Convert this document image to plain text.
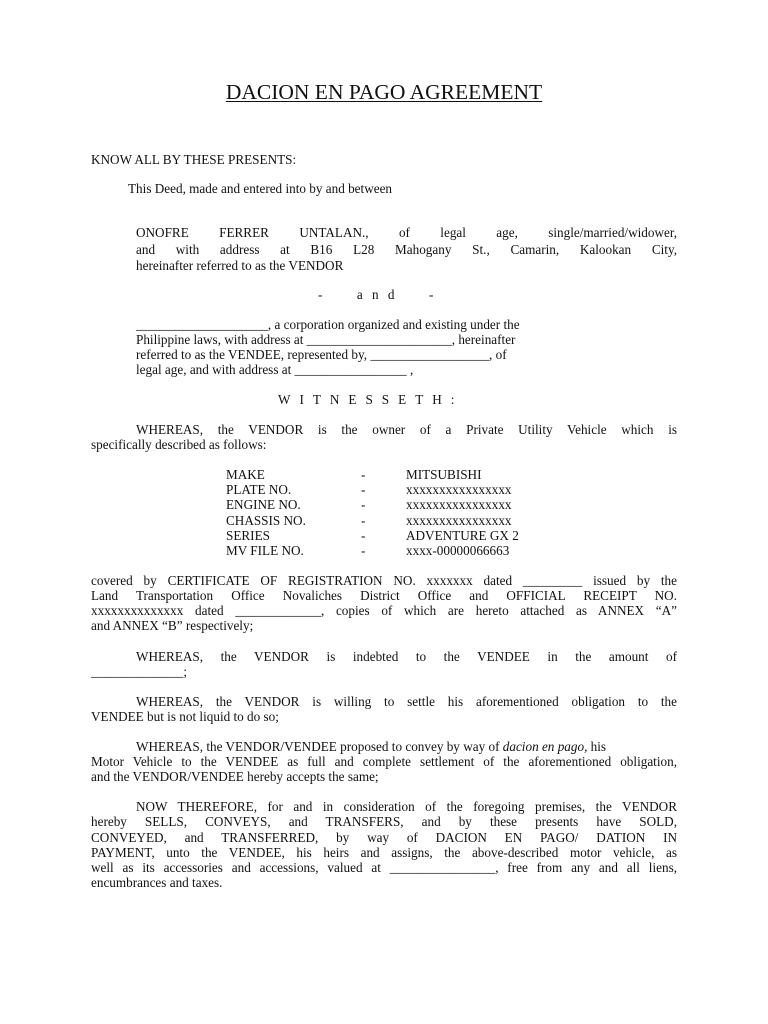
DACION EN PAGO AGREEMENT
KNOW ALL BY THESE PRESENTS:
This Deed, made and entered into by and between
ONOFRE FERRER UNTALAN., of legal age, single/married/widower,
and with address at B16 L28 Mahogany St., Camarin, Kalookan City,
hereinafter referred to as the VENDOR
-     a n d     -
____________________, a corporation organized and existing under the
Philippine laws, with address at ______________________, hereinafter
referred to as the VENDEE, represented by, __________________, of
legal age, and with address at _________________ ,
WITNESSETH:
WHEREAS, the VENDOR is the owner of a Private Utility Vehicle which is
specifically described as follows:
MAKE	-	MITSUBISHI
PLATE NO.	-	xxxxxxxxxxxxxxxx
ENGINE NO.	-	xxxxxxxxxxxxxxxx
CHASSIS NO.	-	xxxxxxxxxxxxxxxx
SERIES	-	ADVENTURE GX 2
MV FILE NO.	-	xxxx-00000066663
covered by CERTIFICATE OF REGISTRATION NO. xxxxxxx dated _________ issued by the
Land Transportation Office Novaliches District Office and OFFICIAL RECEIPT NO.
xxxxxxxxxxxxxx dated _____________, copies of which are hereto attached as ANNEX “A”
and ANNEX “B” respectively;
WHEREAS, the VENDOR is indebted to the VENDEE in the amount of
______________;
WHEREAS, the VENDOR is willing to settle his aforementioned obligation to the
VENDEE but is not liquid to do so;
WHEREAS, the VENDOR/VENDEE proposed to convey by way of dacion en pago, his
Motor Vehicle to the VENDEE as full and complete settlement of the aforementioned obligation,
and the VENDOR/VENDEE hereby accepts the same;
NOW THEREFORE, for and in consideration of the foregoing premises, the VENDOR
hereby SELLS, CONVEYS, and TRANSFERS, and by these presents have SOLD,
CONVEYED, and TRANSFERRED, by way of DACION EN PAGO/ DATION IN
PAYMENT, unto the VENDEE, his heirs and assigns, the above-described motor vehicle, as
well as its accessories and accessions, valued at ________________, free from any and all liens,
encumbrances and taxes.
